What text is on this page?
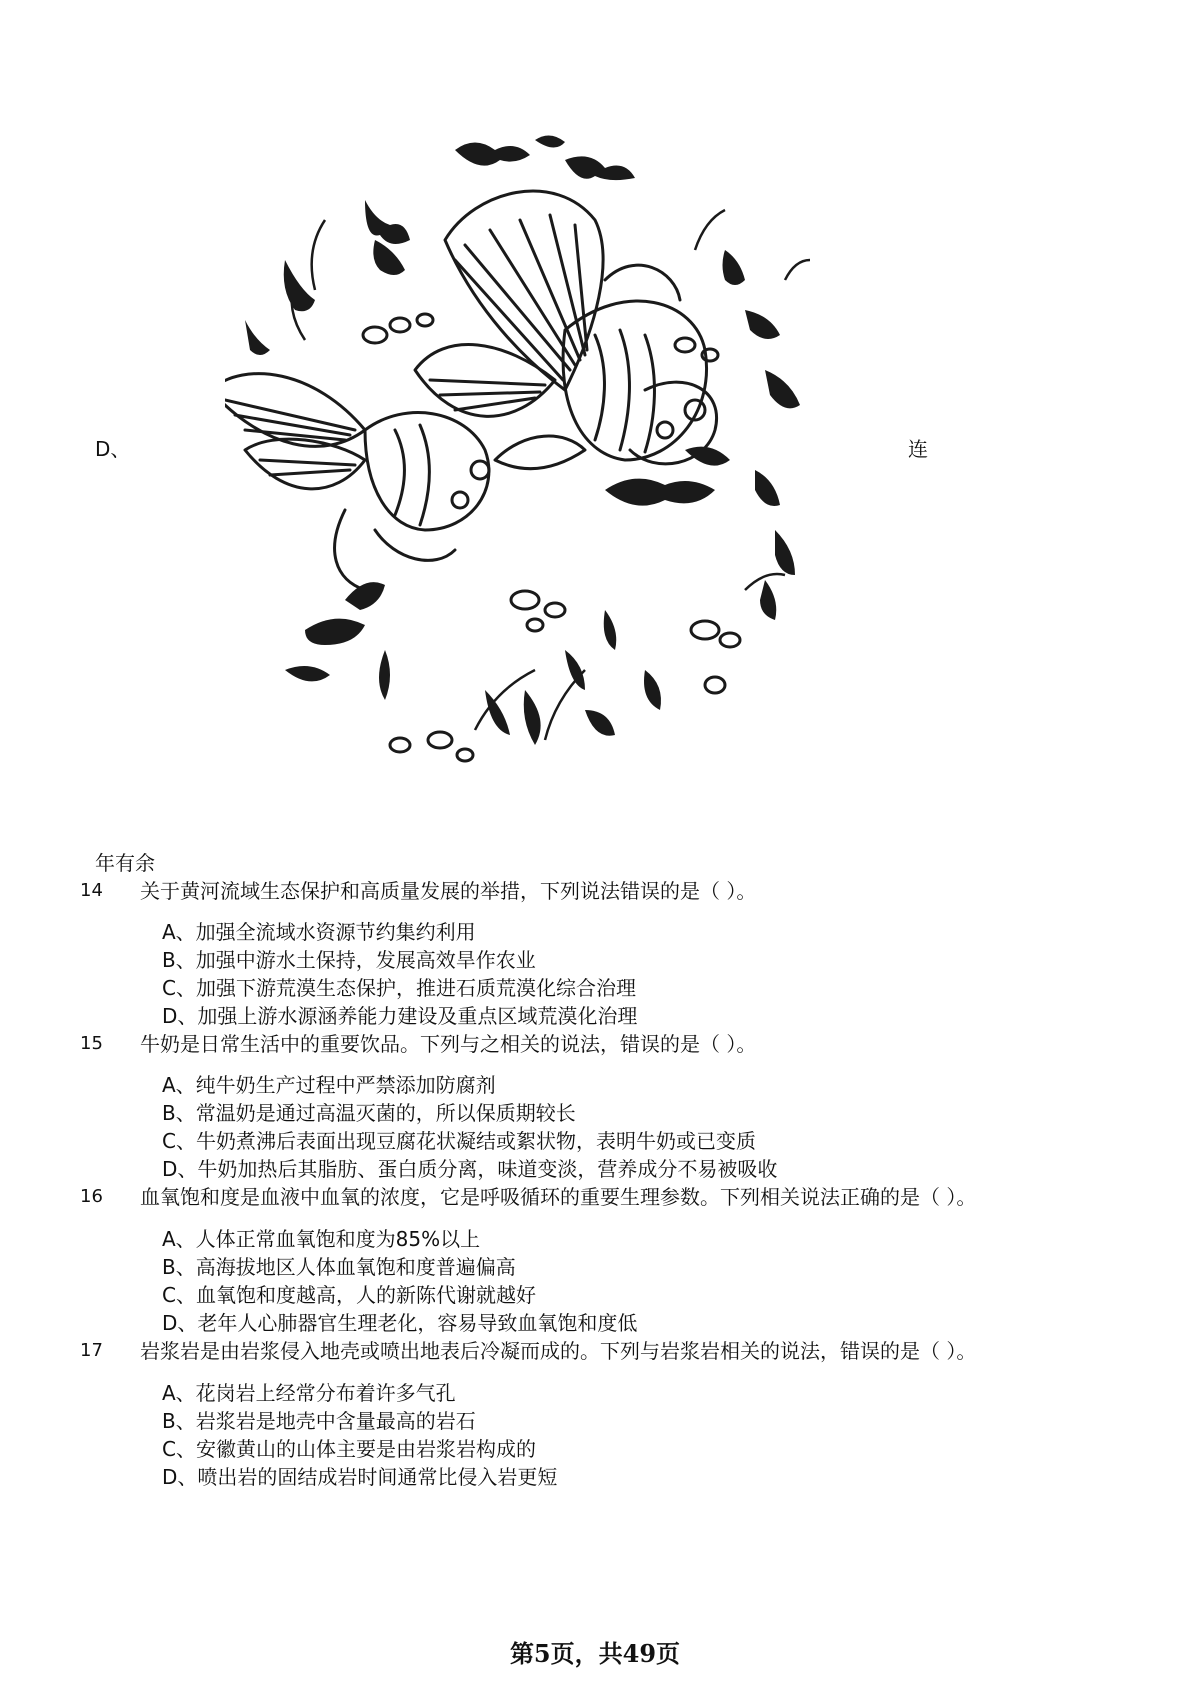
D、	连
年有余
14 关于黄河流域生态保护和高质量发展的举措，下列说法错误的是（ ）。
A、加强全流域水资源节约集约利用
B、加强中游水土保持，发展高效旱作农业
C、加强下游荒漠生态保护，推进石质荒漠化综合治理
D、加强上游水源涵养能力建设及重点区域荒漠化治理
15 牛奶是日常生活中的重要饮品。下列与之相关的说法，错误的是（ ）。
A、纯牛奶生产过程中严禁添加防腐剂
B、常温奶是通过高温灭菌的，所以保质期较长
C、牛奶煮沸后表面出现豆腐花状凝结或絮状物，表明牛奶或已变质
D、牛奶加热后其脂肪、蛋白质分离，味道变淡，营养成分不易被吸收
16 血氧饱和度是血液中血氧的浓度，它是呼吸循环的重要生理参数。下列相关说法正确的是（ ）。
A、人体正常血氧饱和度为85%以上
B、高海拔地区人体血氧饱和度普遍偏高
C、血氧饱和度越高，人的新陈代谢就越好
D、老年人心肺器官生理老化，容易导致血氧饱和度低
17 岩浆岩是由岩浆侵入地壳或喷出地表后冷凝而成的。下列与岩浆岩相关的说法，错误的是（ ）。
A、花岗岩上经常分布着许多气孔
B、岩浆岩是地壳中含量最高的岩石
C、安徽黄山的山体主要是由岩浆岩构成的
D、喷出岩的固结成岩时间通常比侵入岩更短
第5页，共49页
